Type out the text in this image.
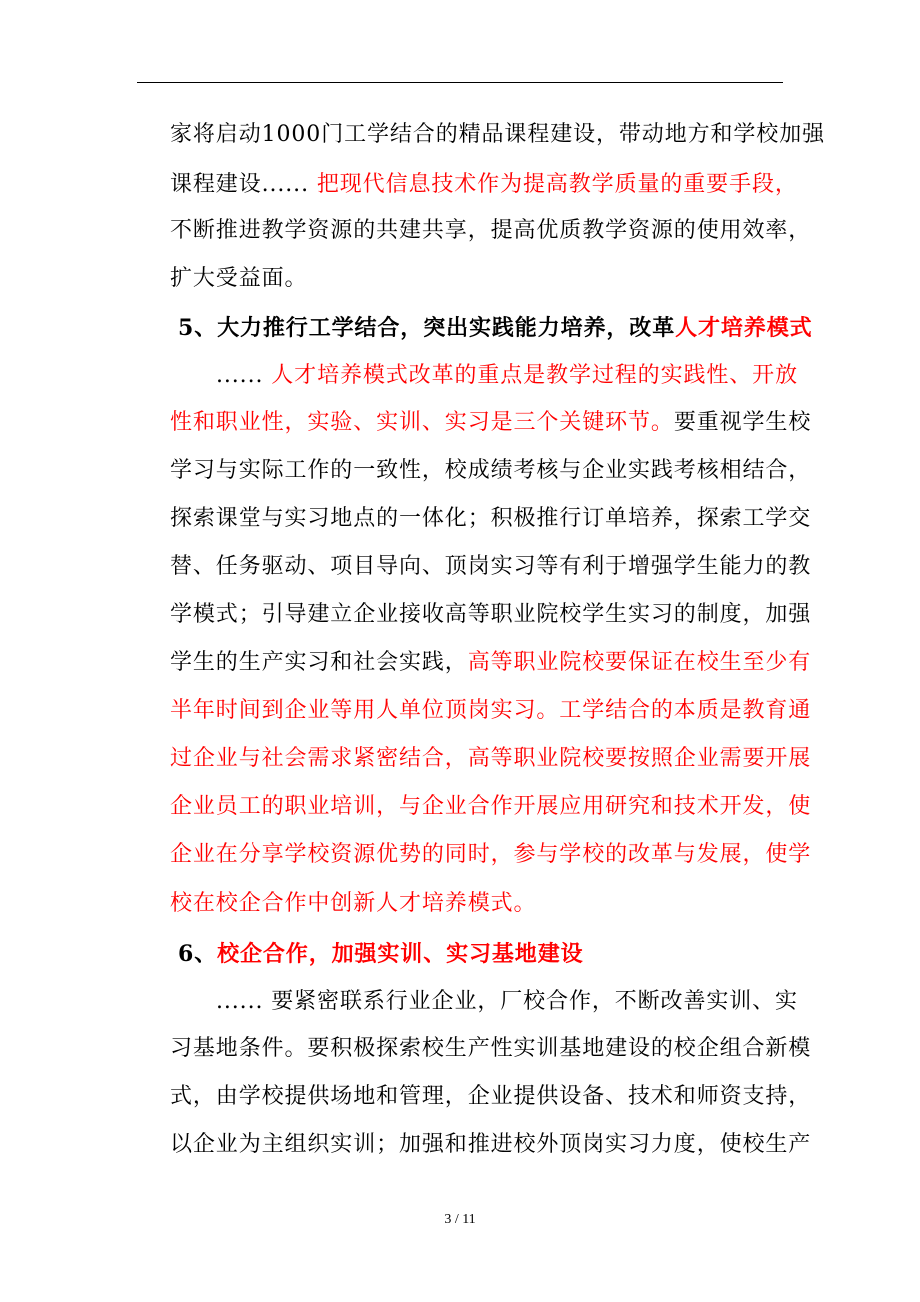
家将启动1000门工学结合的精品课程建设，带动地方和学校加强
课程建设...... 把现代信息技术作为提高教学质量的重要手段，
不断推进教学资源的共建共享，提高优质教学资源的使用效率，
扩大受益面。
5、大力推行工学结合，突出实践能力培养，改革人才培养模式
...... 人才培养模式改革的重点是教学过程的实践性、开放
性和职业性，实验、实训、实习是三个关键环节。要重视学生校
学习与实际工作的一致性，校成绩考核与企业实践考核相结合，
探索课堂与实习地点的一体化；积极推行订单培养，探索工学交
替、任务驱动、项目导向、顶岗实习等有利于增强学生能力的教
学模式；引导建立企业接收高等职业院校学生实习的制度，加强
学生的生产实习和社会实践，高等职业院校要保证在校生至少有
半年时间到企业等用人单位顶岗实习。工学结合的本质是教育通
过企业与社会需求紧密结合，高等职业院校要按照企业需要开展
企业员工的职业培训，与企业合作开展应用研究和技术开发，使
企业在分享学校资源优势的同时，参与学校的改革与发展，使学
校在校企合作中创新人才培养模式。
6、校企合作，加强实训、实习基地建设
...... 要紧密联系行业企业，厂校合作，不断改善实训、实
习基地条件。要积极探索校生产性实训基地建设的校企组合新模
式，由学校提供场地和管理，企业提供设备、技术和师资支持，
以企业为主组织实训；加强和推进校外顶岗实习力度，使校生产
3 / 11
